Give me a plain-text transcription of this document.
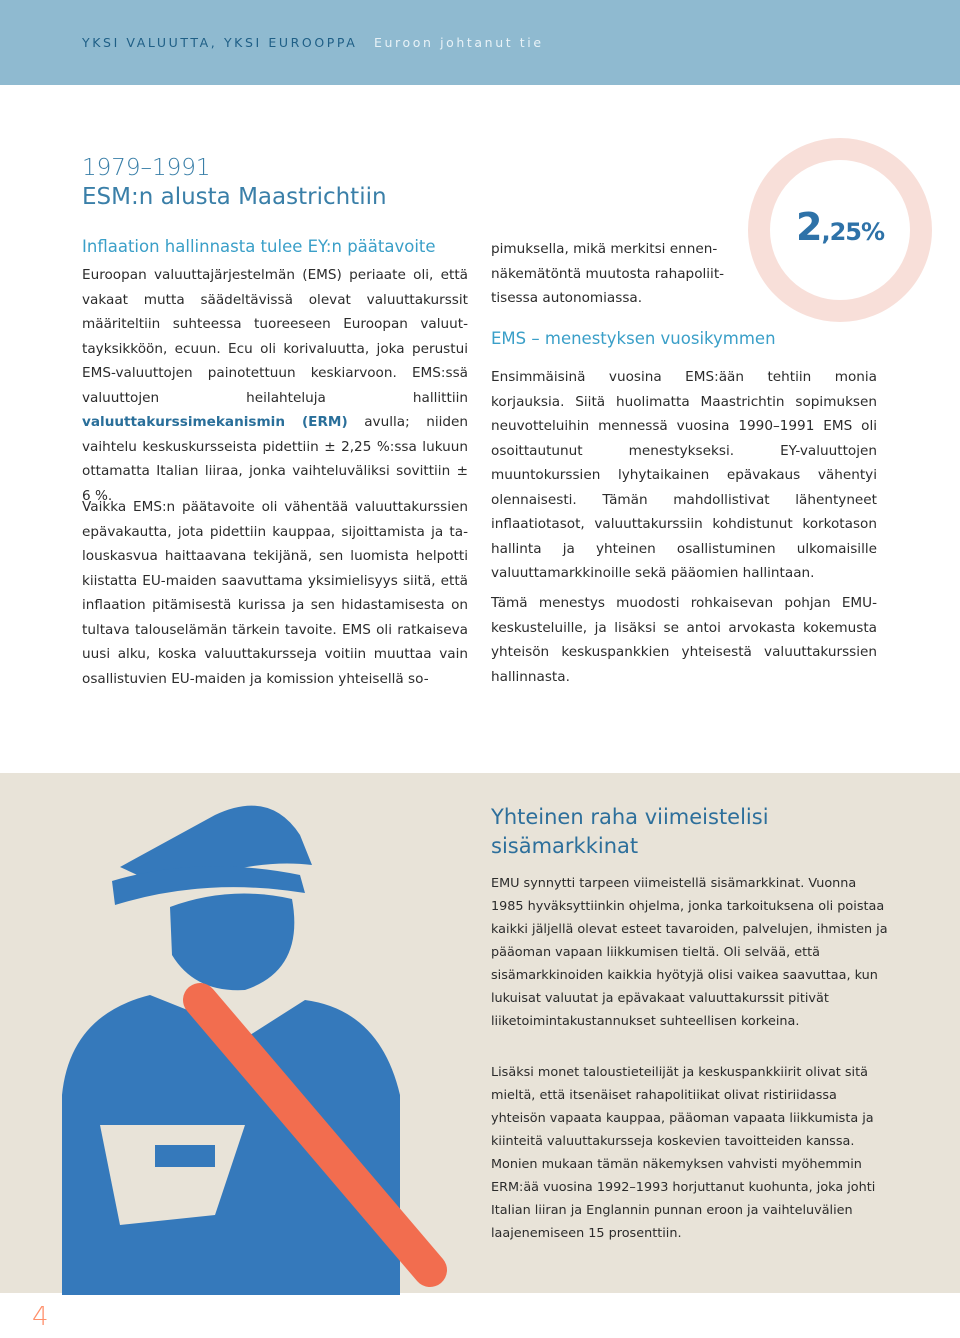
YKSI VALUUTTA, YKSI EUROOPPA Euroon johtanut tie
1979–1991
ESM:n alusta Maastrichtiin
Inflaation hallinnasta tulee EY:n päätavoite
Euroopan valuuttajärjestelmän (EMS) periaate oli, että vakaat mutta säädeltävissä olevat valuuttakurssit määriteltiin suhteessa tuoreeseen Euroopan valuuttayksikköön, ecuun. Ecu oli korivaluutta, joka perustui EMS-valuuttojen painotettuun keskiarvoon. EMS:ssä valuuttojen heilahteluja hallittiin valuuttakurssimekanismin (ERM) avulla; niiden vaihtelu keskuskursseista pidettiin ± 2,25 %:ssa lukuun ottamatta Italian liiraa, jonka vaihteluväliksi sovittiin ± 6 %.
Vaikka EMS:n päätavoite oli vähentää valuuttakurssien epävakautta, jota pidettiin kauppaa, sijoittamista ja talouskasvua haittaavana tekijänä, sen luomista helpotti kiistatta EU-maiden saavuttama yksimielisyys siitä, että inflaation pitämisestä kurissa ja sen hidastamisesta on tultava talouselämän tärkein tavoite. EMS oli ratkaiseva uusi alku, koska valuuttakursseja voitiin muuttaa vain osallistuvien EU-maiden ja komission yhteisellä so-
pimuksella, mikä merkitsi ennennäkemätöntä muutosta rahapoliittisessa autonomiassa.
2,25%
EMS – menestyksen vuosikymmen
Ensimmäisinä vuosina EMS:ään tehtiin monia korjauksia. Siitä huolimatta Maastrichtin sopimuksen neuvotteluihin mennessä vuosina 1990–1991 EMS oli osoittautunut menestykseksi. EY-valuuttojen muuntokurssien lyhytaikainen epävakaus vähentyi olennaisesti. Tämän mahdollistivat lähentyneet inflaatiotasot, valuuttakurssiin kohdistunut korkotason hallinta ja yhteinen osallistuminen ulkomaisille valuuttamarkkinoille sekä pääomien hallintaan.
Tämä menestys muodosti rohkaisevan pohjan EMU-keskusteluille, ja lisäksi se antoi arvokasta kokemusta yhteisön keskuspankkien yhteisestä valuuttakurssien hallinnasta.
Yhteinen raha viimeistelisi sisämarkkinat
EMU synnytti tarpeen viimeistellä sisämarkkinat. Vuonna 1985 hyväksyttiinkin ohjelma, jonka tarkoituksena oli poistaa kaikki jäljellä olevat esteet tavaroiden, palvelujen, ihmisten ja pääoman vapaan liikkumisen tieltä. Oli selvää, että sisämarkkinoiden kaikkia hyötyjä olisi vaikea saavuttaa, kun lukuisat valuutat ja epävakaat valuuttakurssit pitivät liiketoimintakustannukset suhteellisen korkeina.
Lisäksi monet taloustieteilijät ja keskuspankkiirit olivat sitä mieltä, että itsenäiset rahapolitiikat olivat ristiriidassa yhteisön vapaata kauppaa, pääoman vapaata liikkumista ja kiinteitä valuuttakursseja koskevien tavoitteiden kanssa. Monien mukaan tämän näkemyksen vahvisti myöhemmin ERM:ää vuosina 1992–1993 horjuttanut kuohunta, joka johti Italian liiran ja Englannin punnan eroon ja vaihteluvälien laajenemiseen 15 prosenttiin.
4
